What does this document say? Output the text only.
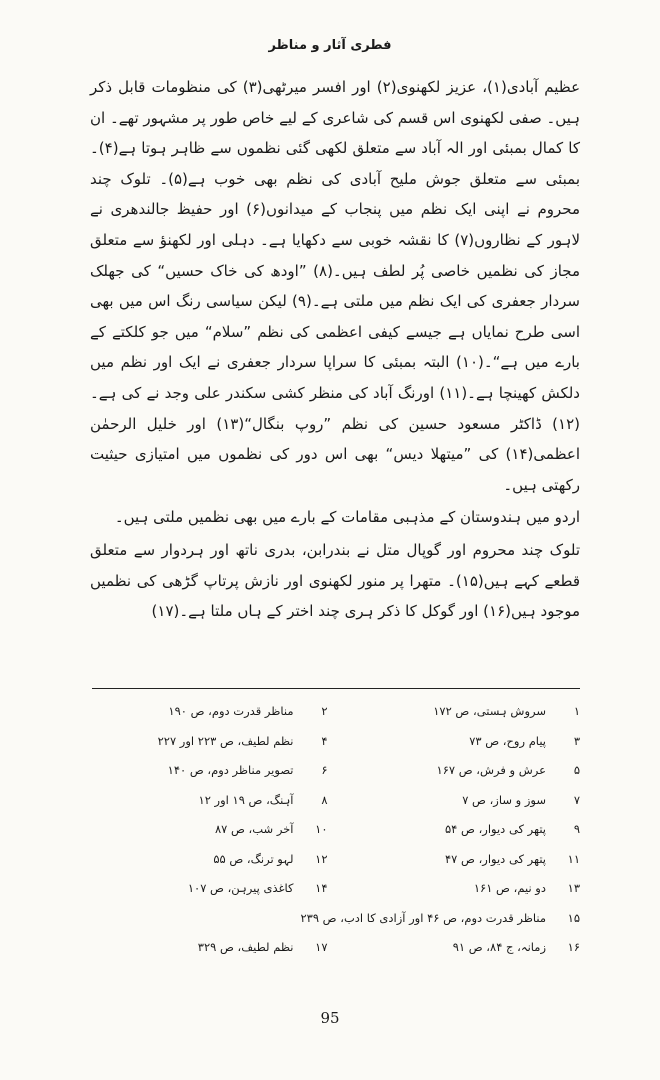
فطری آثار و مناظر

عظیم آبادی(۱)، عزیز لکھنوی(۲) اور افسر میرٹھی(۳) کی منظومات قابل ذکر ہیں۔ صفی لکھنوی اس قسم کی شاعری کے لیے خاص طور پر مشہور تھے۔ ان کا کمال بمبئی اور الہ آباد سے متعلق لکھی گئی نظموں سے ظاہر ہوتا ہے(۴)۔ بمبئی سے متعلق جوش ملیح آبادی کی نظم بھی خوب ہے(۵)۔ تلوک چند محروم نے اپنی ایک نظم میں پنجاب کے میدانوں(۶) اور حفیظ جالندھری نے لاہور کے نظاروں(۷) کا نقشہ خوبی سے دکھایا ہے۔ دہلی اور لکھنؤ سے متعلق مجاز کی نظمیں خاصی پُر لطف ہیں۔(۸) ”اودھ کی خاک حسیں“ کی جھلک سردار جعفری کی ایک نظم میں ملتی ہے۔(۹) لیکن سیاسی رنگ اس میں بھی اسی طرح نمایاں ہے جیسے کیفی اعظمی کی نظم ”سلام“ میں جو کلکتے کے بارے میں ہے“۔(۱۰) البتہ بمبئی کا سراپا سردار جعفری نے ایک اور نظم میں دلکش کھینچا ہے۔(۱۱) اورنگ آباد کی منظر کشی سکندر علی وجد نے کی ہے۔(۱۲) ڈاکٹر مسعود حسین کی نظم ”روپ بنگال“(۱۳) اور خلیل الرحمٰن اعظمی(۱۴) کی ”میتھلا دیس“ بھی اس دور کی نظموں میں امتیازی حیثیت رکھتی ہیں۔

اردو میں ہندوستان کے مذہبی مقامات کے بارے میں بھی نظمیں ملتی ہیں۔

تلوک چند محروم اور گوپال متل نے بندرابن، بدری ناتھ اور ہردوار سے متعلق قطعے کہے ہیں(۱۵)۔ متھرا پر منور لکھنوی اور نازش پرتاپ گڑھی کی نظمیں موجود ہیں(۱۶) اور گوکل کا ذکر ہری چند اختر کے ہاں ملتا ہے۔(۱۷)

۱
سروش ہستی، ص ۱۷۲
۲
مناظر قدرت دوم، ص ۱۹۰
۳
پیام روح، ص ۷۳
۴
نظم لطیف، ص ۲۲۳ اور ۲۲۷
۵
عرش و فرش، ص ۱۶۷
۶
تصویر مناظر دوم، ص ۱۴۰
۷
سوز و ساز، ص ۷
۸
آہنگ، ص ۱۹ اور ۱۲
۹
پتھر کی دیوار، ص ۵۴
۱۰
آخر شب، ص ۸۷
۱۱
پتھر کی دیوار، ص ۴۷
۱۲
لہو ترنگ، ص ۵۵
۱۳
دو نیم، ص ۱۶۱
۱۴
کاغذی پیرہن، ص ۱۰۷
۱۵
مناظر قدرت دوم، ص ۴۶ اور آزادی کا ادب، ص ۲۳۹
۱۶
زمانہ، ج ۸۴، ص ۹۱
۱۷
نظم لطیف، ص ۳۲۹
95
